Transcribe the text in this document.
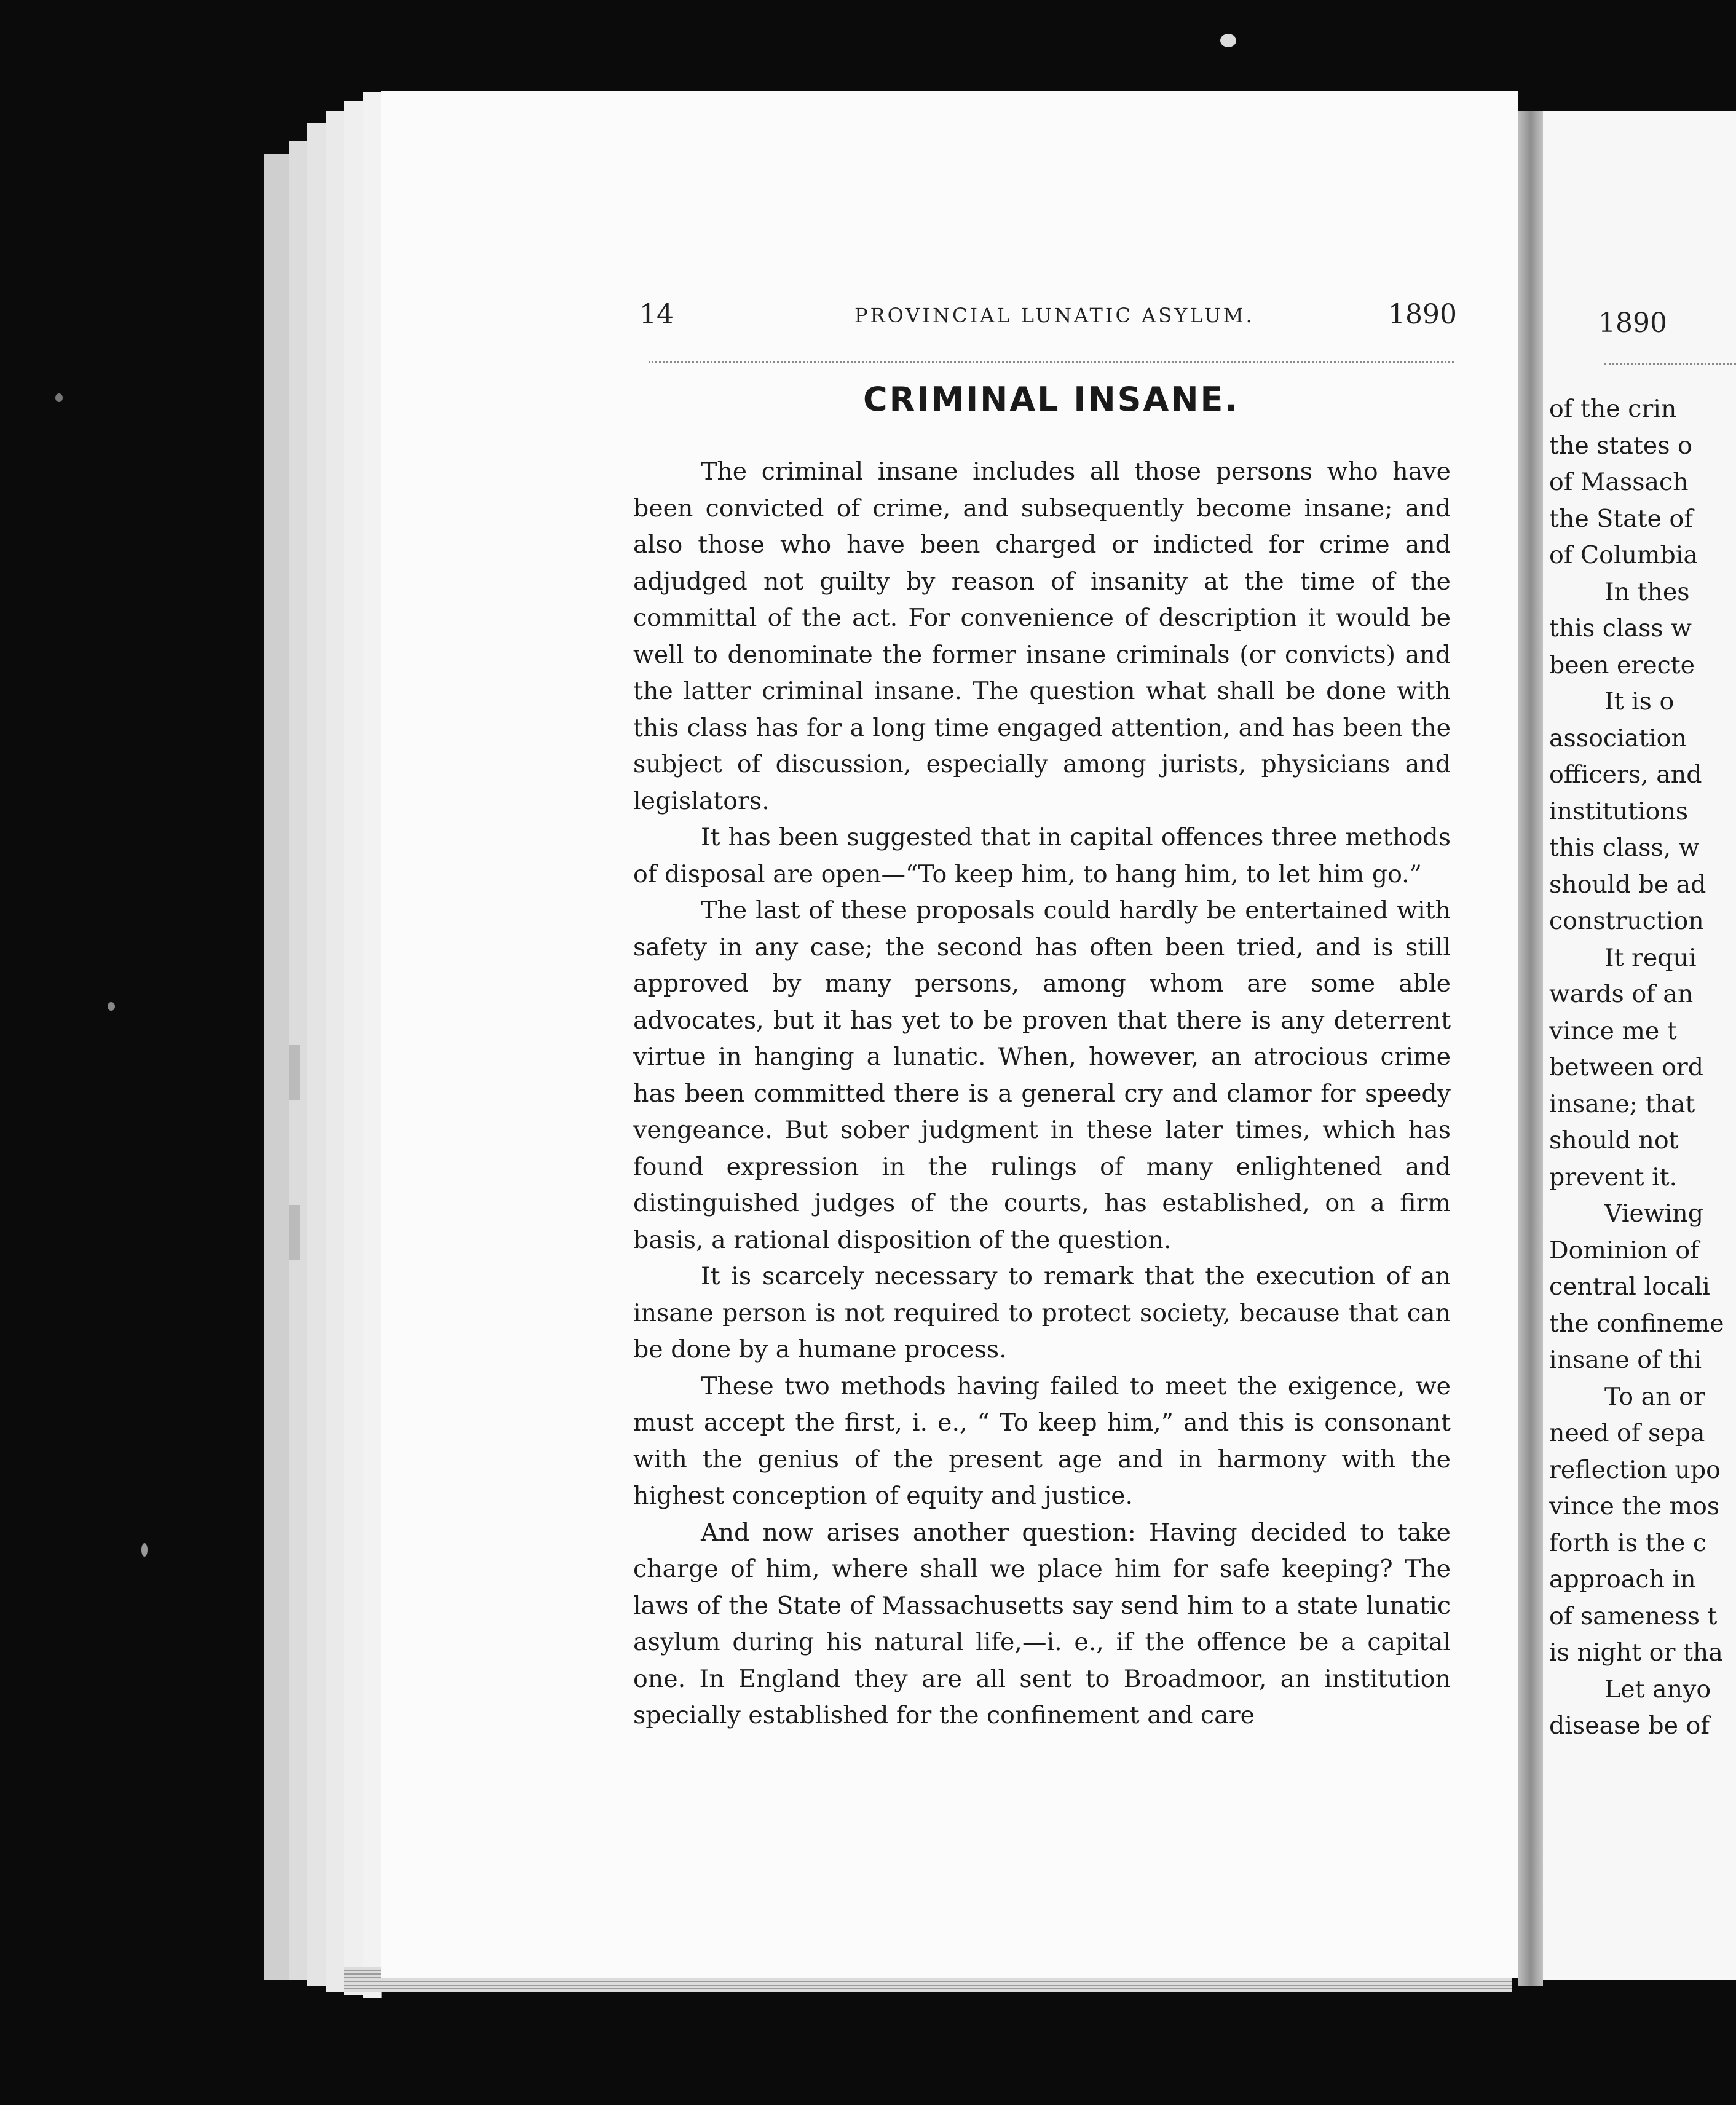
14	PROVINCIAL LUNATIC ASYLUM.	1890
CRIMINAL INSANE.

The criminal insane includes all those persons who have been convicted of crime, and subsequently become insane; and also those who have been charged or indicted for crime and adjudged not guilty by reason of insanity at the time of the committal of the act. For convenience of description it would be well to denominate the former insane criminals (or convicts) and the latter criminal insane. The question what shall be done with this class has for a long time engaged attention, and has been the subject of discussion, especially among jurists, physicians and legislators.

It has been suggested that in capital offences three methods of disposal are open—“To keep him, to hang him, to let him go.”

The last of these proposals could hardly be entertained with safety in any case; the second has often been tried, and is still approved by many persons, among whom are some able advocates, but it has yet to be proven that there is any deterrent virtue in hanging a lunatic. When, however, an atrocious crime has been committed there is a general cry and clamor for speedy vengeance. But sober judgment in these later times, which has found expression in the rulings of many enlightened and distinguished judges of the courts, has established, on a firm basis, a rational disposition of the question.

It is scarcely necessary to remark that the execution of an insane person is not required to protect society, because that can be done by a humane process.

These two methods having failed to meet the exigence, we must accept the first, i. e., “ To keep him,” and this is consonant with the genius of the present age and in harmony with the highest conception of equity and justice.

And now arises another question: Having decided to take charge of him, where shall we place him for safe keeping? The laws of the State of Massachusetts say send him to a state lunatic asylum during his natural life,—i. e., if the offence be a capital one. In England they are all sent to Broadmoor, an institution specially established for the confinement and care

1890
of the crin
the states o
of Massach
the State of
of Columbia
In thes
this class w
been erecte
It is o
association
officers, and
institutions
this class, w
should be ad
construction
It requi
wards of an
vince me t
between ord
insane; that
should not
prevent it.
Viewing
Dominion of
central locali
the confineme
insane of thi
To an or
need of sepa
reflection upo
vince the mos
forth is the c
approach in
of sameness t
is night or tha
Let anyo
disease be of
